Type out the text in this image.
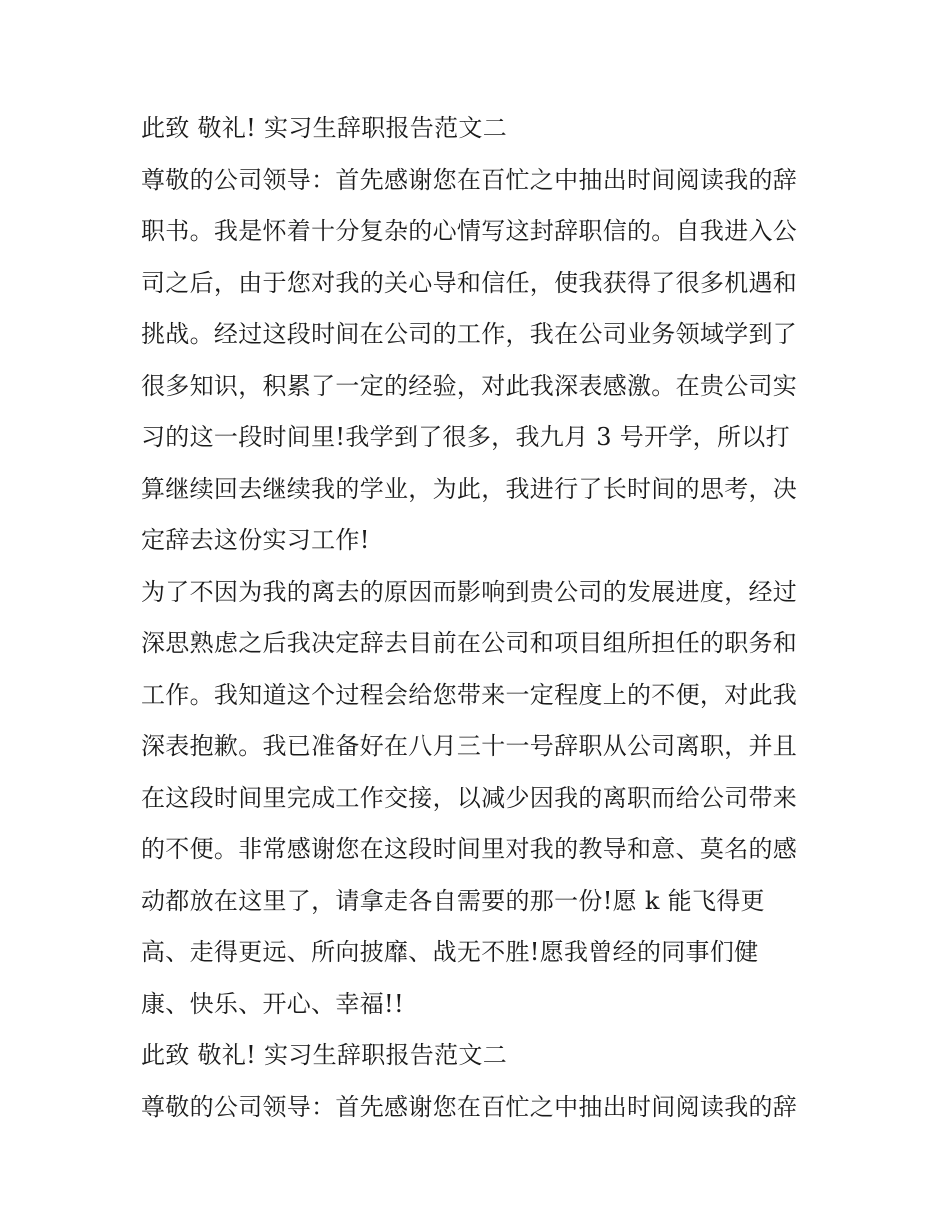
此致 敬礼! 实习生辞职报告范文二
尊敬的公司领导：首先感谢您在百忙之中抽出时间阅读我的辞
职书。我是怀着十分复杂的心情写这封辞职信的。自我进入公
司之后，由于您对我的关心导和信任，使我获得了很多机遇和
挑战。经过这段时间在公司的工作，我在公司业务领域学到了
很多知识，积累了一定的经验，对此我深表感激。在贵公司实
习的这一段时间里!我学到了很多，我九月 3 号开学，所以打
算继续回去继续我的学业，为此，我进行了长时间的思考，决
定辞去这份实习工作!
为了不因为我的离去的原因而影响到贵公司的发展进度，经过
深思熟虑之后我决定辞去目前在公司和项目组所担任的职务和
工作。我知道这个过程会给您带来一定程度上的不便，对此我
深表抱歉。我已准备好在八月三十一号辞职从公司离职，并且
在这段时间里完成工作交接，以减少因我的离职而给公司带来
的不便。非常感谢您在这段时间里对我的教导和意、莫名的感
动都放在这里了，请拿走各自需要的那一份!愿 k 能飞得更
高、走得更远、所向披靡、战无不胜!愿我曾经的同事们健
康、快乐、开心、幸福!!
此致 敬礼! 实习生辞职报告范文二
尊敬的公司领导：首先感谢您在百忙之中抽出时间阅读我的辞
